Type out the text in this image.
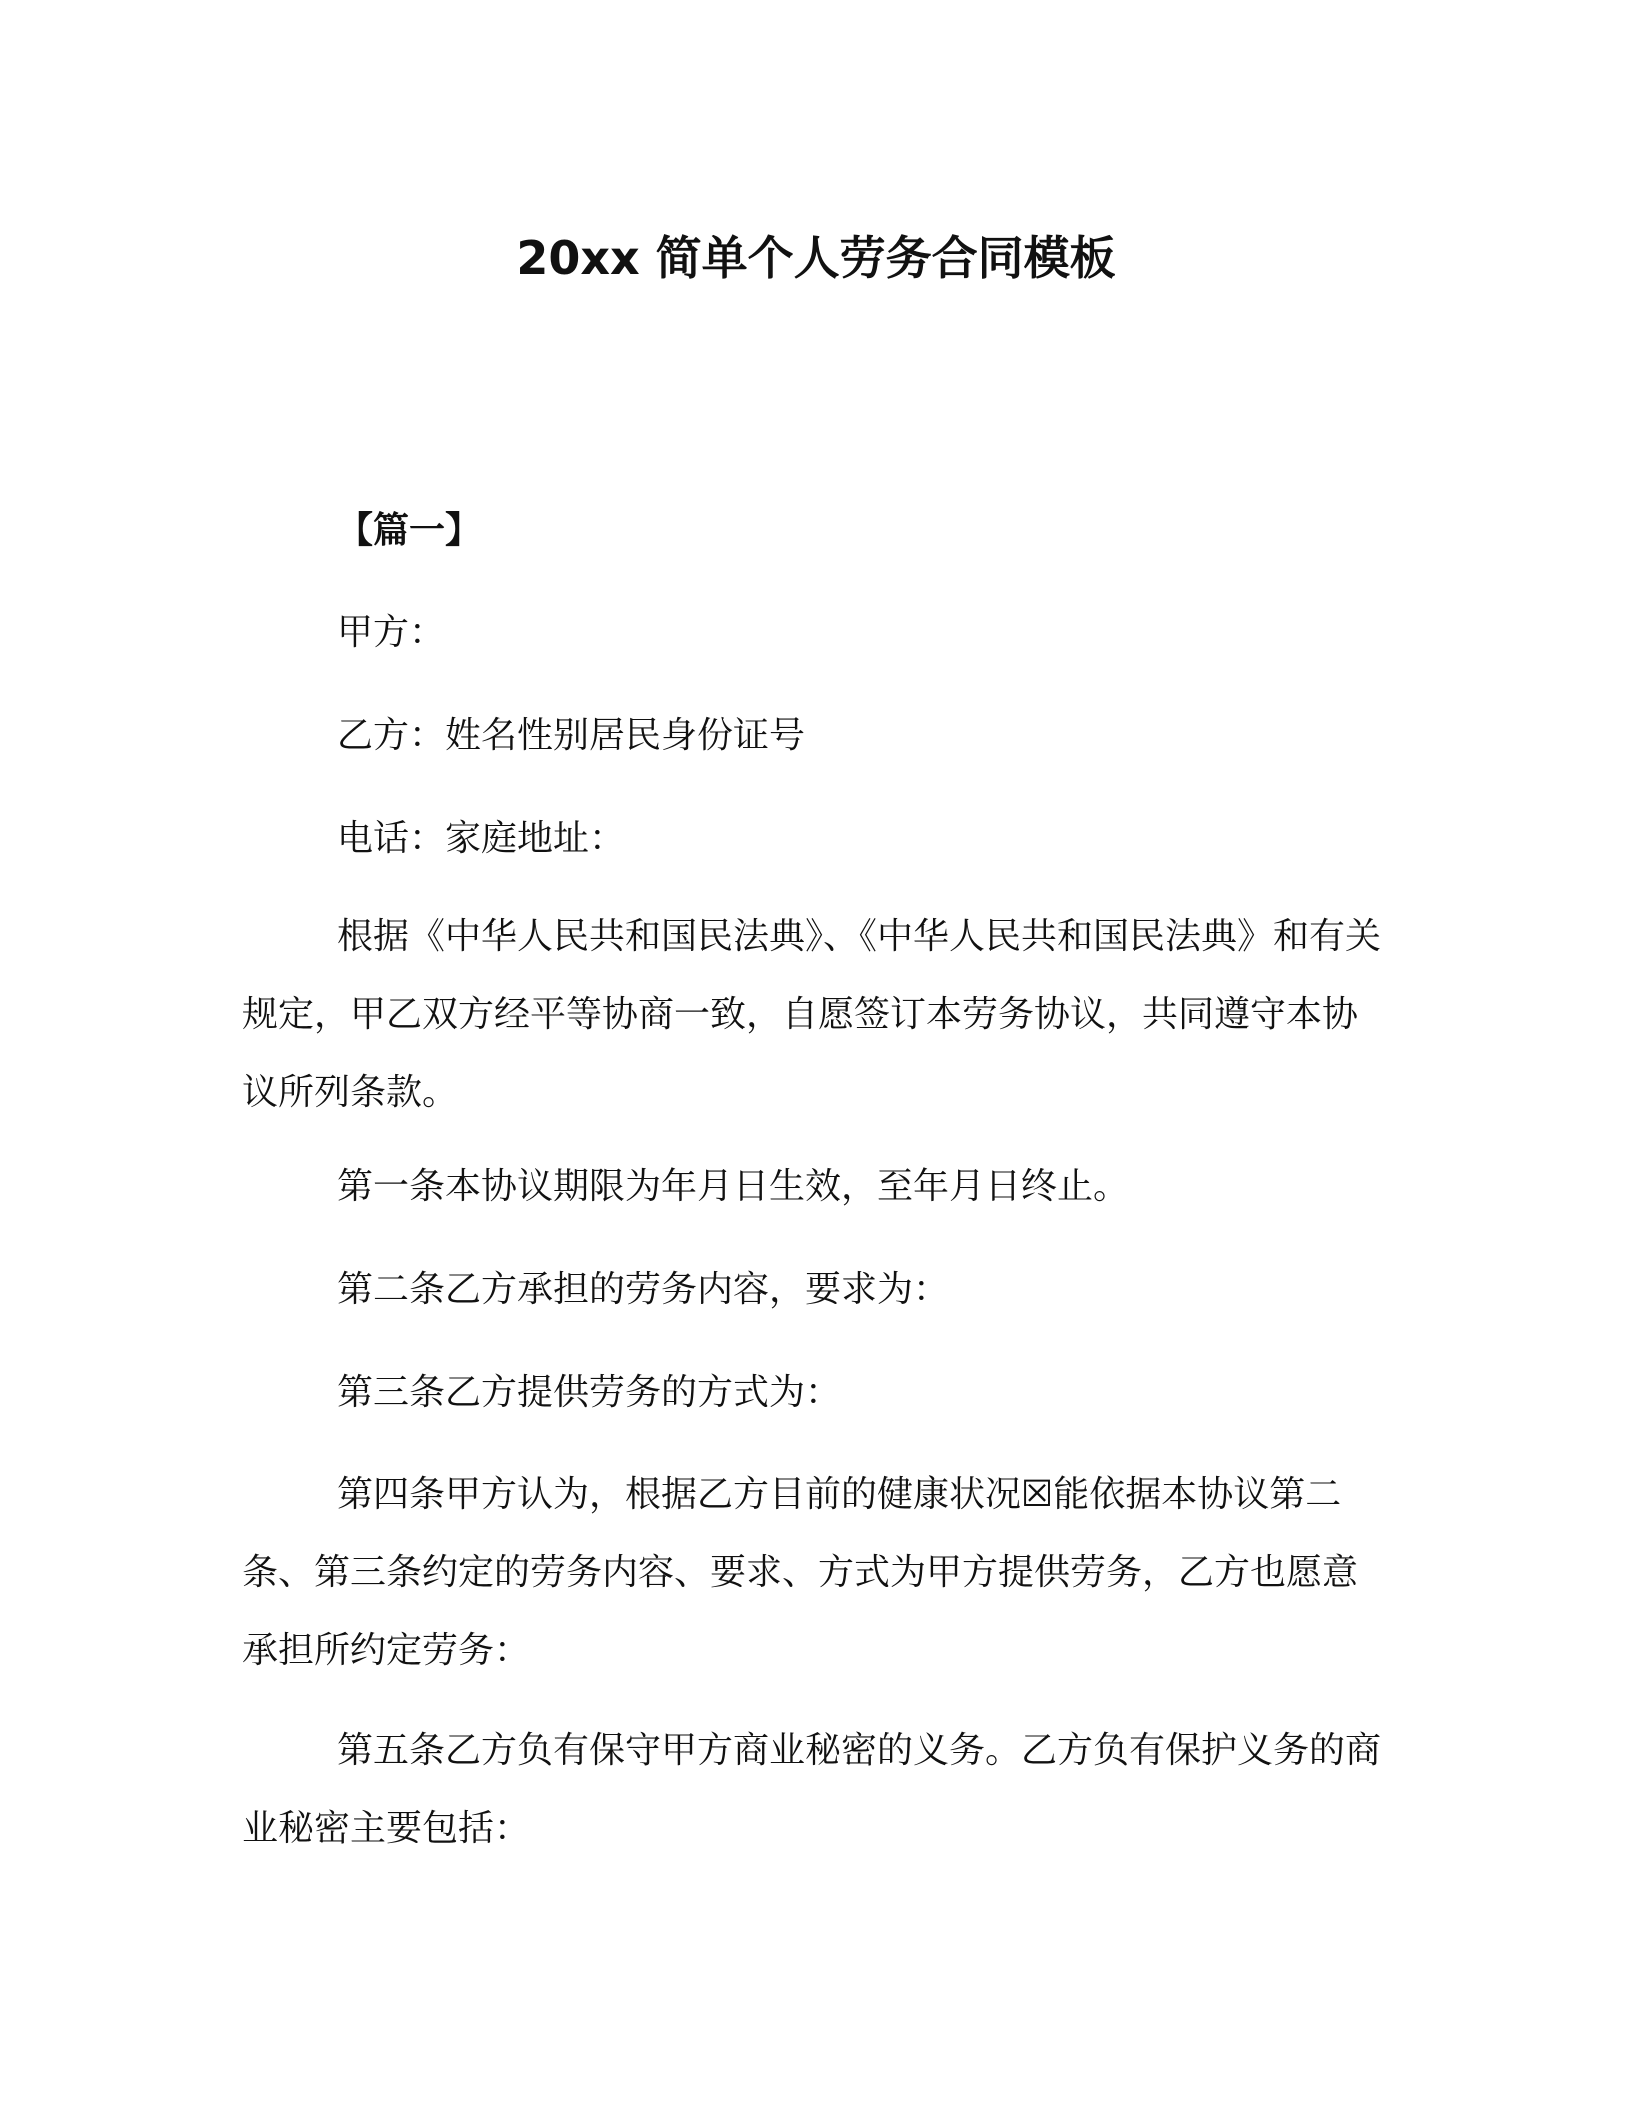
20xx 简单个人劳务合同模板
【篇一】
甲方：
乙方：姓名性别居民身份证号
电话：家庭地址：
根据《中华人民共和国民法典》、《中华人民共和国民法典》和有关规定，甲乙双方经平等协商一致，自愿签订本劳务协议，共同遵守本协议所列条款。
第一条本协议期限为年月日生效，至年月日终止。
第二条乙方承担的劳务内容，要求为：
第三条乙方提供劳务的方式为：
第四条甲方认为，根据乙方目前的健康状况☒能依据本协议第二条、第三条约定的劳务内容、要求、方式为甲方提供劳务，乙方也愿意承担所约定劳务：
第五条乙方负有保守甲方商业秘密的义务。乙方负有保护义务的商业秘密主要包括：
